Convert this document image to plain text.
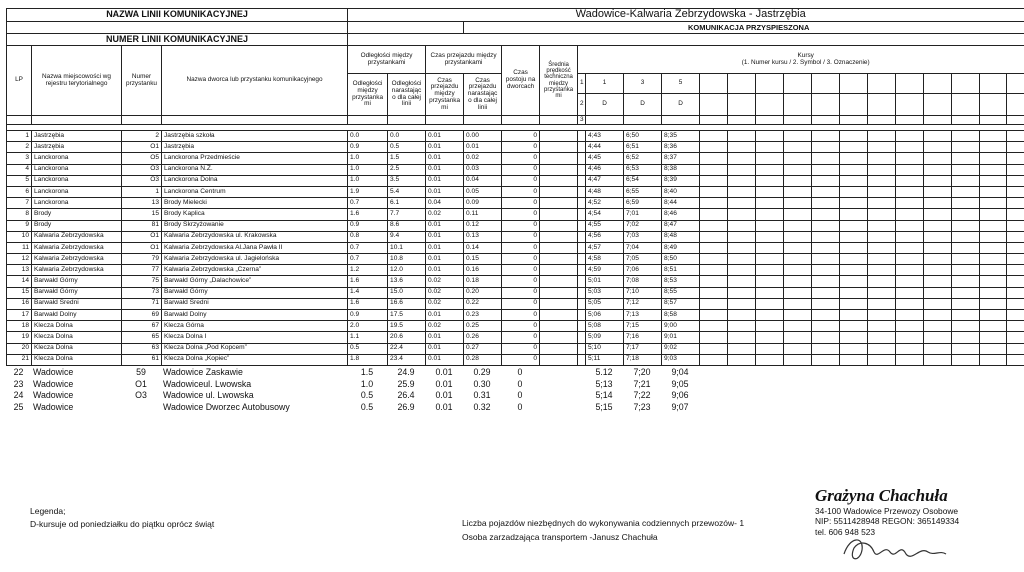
NAZWA LINII KOMUNIKACYJNEJ				Wadowice-Kalwaria Zebrzydowska - Jastrzębia																					
							KOMUNIKACJA PRZYSPIESZONA																		
NUMER LINII KOMUNIKACYJNEJ																									
LP	Nazwa miejscowości wg rejestru terytorialnego	Numer przystanku	Nazwa dworca lub przystanku komunikacyjnego	Odległości między przystankami		Czas przejazdu między przystankami		Czas postoju na dworcach	Średnia prędkość techniczna między przystanka mi	Kursy
(1. Numer kursu / 2. Symbol / 3. Oznaczenie)															

				Odległości między przystanka mi	Odległości narastając o dla całej linii	Czas przejazdu między przystanka mi	Czas przejazdu narastając o dla całej linii			1	1	3	5												
										2	D	D	D												
										3															

1	Jastrzębia	2	Jastrzębia szkoła	0.0	0.0	0.01	0.00	0			4;43	6;50	8;35												
2	Jastrzębia	O1	Jastrzębia	0.9	0.5	0.01	0.01	0			4;44	6;51	8;36												
3	Lanckorona	O5	Lanckorona Przedmieście	1.0	1.5	0.01	0.02	0			4;45	6;52	8;37												
4	Lanckorona	O3	Lanckorona N.Z.	1.0	2.5	0.01	0.03	0			4;46	6;53	8;38												
5	Lanckorona	O3	Lanckorona Dolna	1.0	3.5	0.01	0.04	0			4;47	6;54	8;39												
6	Lanckorona	1	Lanckorona Centrum	1.9	5.4	0.01	0.05	0			4;48	6;55	8;40												
7	Lanckorona	13	Brody Mielecki	0.7	6.1	0.04	0.09	0			4;52	6;59	8;44												
8	Brody	15	Brody Kaplica	1.6	7.7	0.02	0.11	0			4;54	7;01	8;46												
9	Brody	81	Brody Skrzyżowanie	0.9	8.6	0.01	0.12	0			4;55	7;02	8;47												
10	Kalwaria Zebrzydowska	O1	Kalwaria Zebrzydowska ul. Krakowska	0.8	9.4	0.01	0.13	0			4;56	7;03	8;48												
11	Kalwaria Zebrzydowska	O1	Kalwaria Zebrzydowska Al.Jana Pawła II	0.7	10.1	0.01	0.14	0			4;57	7;04	8;49												
12	Kalwaria Zebrzydowska	79	Kalwaria Zebrzydowska ul. Jagielońska	0.7	10.8	0.01	0.15	0			4;58	7;05	8;50												
13	Kalwaria Zebrzydowska	77	Kalwaria Zebrzydowska „Czerna”	1.2	12.0	0.01	0.16	0			4;59	7;06	8;51												
14	Barwałd Górny	75	Barwałd Górny „Dalachowice”	1.6	13.6	0.02	0.18	0			5;01	7;08	8;53												
15	Barwałd Górny	73	Barwałd Górny	1.4	15.0	0.02	0.20	0			5;03	7;10	8;55												
16	Barwałd Średni	71	Barwałd Średni	1.6	16.6	0.02	0.22	0			5;05	7;12	8;57												
17	Barwałd Dolny	69	Barwałd Dolny	0.9	17.5	0.01	0.23	0			5;06	7;13	8;58												
18	Klecza Dolna	67	Klecza Górna	2.0	19.5	0.02	0.25	0			5;08	7;15	9;00												
19	Klecza Dolna	65	Klecza Dolna I	1.1	20.6	0.01	0.26	0			5;09	7;16	9;01												
20	Klecza Dolna	63	Klecza Dolna „Pod Kopcem”	0.5	22.4	0.01	0.27	0			5;10	7;17	9;02												
21	Klecza Dolna	61	Klecza Dolna „Kopiec”	1.8	23.4	0.01	0.28	0			5;11	7;18	9;03												
22	Wadowice	59	Wadowice Zaskawie	1.5	24.9	0.01	0.29	0			5.12	7;20	9;04	
23	Wadowice	O1	Wadowiceul. Lwowska	1.0	25.9	0.01	0.30	0			5;13	7;21	9;05	
24	Wadowice	O3	Wadowice ul. Lwowska	0.5	26.4	0.01	0.31	0			5;14	7;22	9;06	
25	Wadowice		Wadowice Dworzec Autobusowy	0.5	26.9	0.01	0.32	0			5;15	7;23	9;07	
Legenda;
D-kursuje od poniedziałku do piątku oprócz świąt	Liczba pojazdów niezbędnych do wykonywania codziennych przewozów- 1
Osoba zarzadzająca transportem -Janusz Chachuła
Grażyna Chachuła
34-100 Wadowice Przewozy Osobowe
NIP: 5511428948 REGON: 365149334
tel. 606 948 523
